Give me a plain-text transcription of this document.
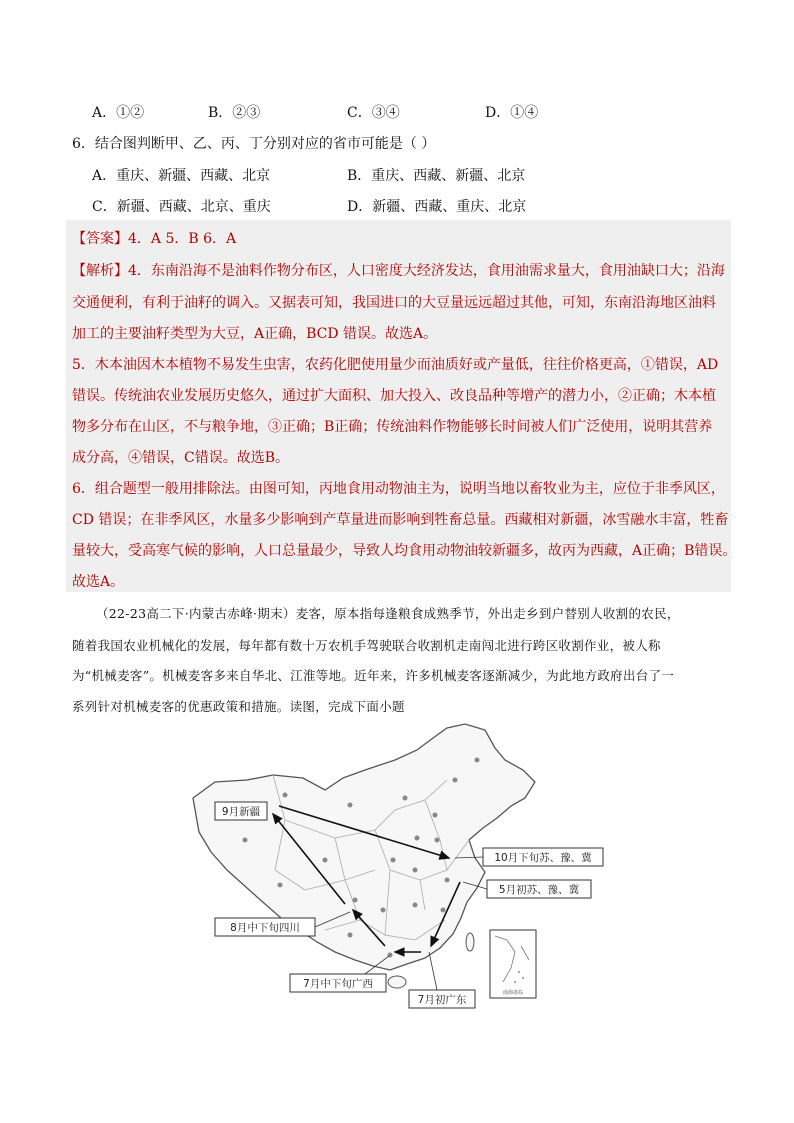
A．①②	B．②③	C．③④	D．①④
6．结合图判断甲、乙、丙、丁分别对应的省市可能是（ ）
A．重庆、新疆、西藏、北京	B．重庆、西藏、新疆、北京
C．新疆、西藏、北京、重庆	D．新疆、西藏、重庆、北京
【答案】4．A 5．B 6．A
【解析】4．东南沿海不是油料作物分布区，人口密度大经济发达，食用油需求量大，食用油缺口大；沿海
交通便利，有利于油籽的调入。又据表可知，我国进口的大豆量远远超过其他，可知，东南沿海地区油料
加工的主要油籽类型为大豆，A正确，BCD 错误。故选A。
5．木本油因木本植物不易发生虫害，农药化肥使用量少而油质好或产量低，往往价格更高，①错误，AD
错误。传统油农业发展历史悠久，通过扩大面积、加大投入、改良品种等增产的潜力小，②正确；木本植
物多分布在山区，不与粮争地，③正确；B正确；传统油料作物能够长时间被人们广泛使用，说明其营养
成分高，④错误，C错误。故选B。
6．组合题型一般用排除法。由图可知，丙地食用动物油主为，说明当地以畜牧业为主，应位于非季风区，
CD 错误；在非季风区，水量多少影响到产草量进而影响到牲畜总量。西藏相对新疆，冰雪融水丰富，牲畜
量较大，受高寒气候的影响，人口总量最少，导致人均食用动物油较新疆多，故丙为西藏，A正确；B错误。
故选A。
（22-23高二下·内蒙古赤峰·期末）麦客，原本指每逢粮食成熟季节，外出走乡到户替别人收割的农民，
随着我国农业机械化的发展，每年都有数十万农机手驾驶联合收割机走南闯北进行跨区收割作业，被人称
为“机械麦客”。机械麦客多来自华北、江淮等地。近年来，许多机械麦客逐渐减少，为此地方政府出台了一
系列针对机械麦客的优惠政策和措施。读图，完成下面小题
9月新疆
10月下旬苏、豫、冀
5月初苏、豫、冀
8月中下旬四川
7月中下旬广西
7月初广东
南海诸岛
